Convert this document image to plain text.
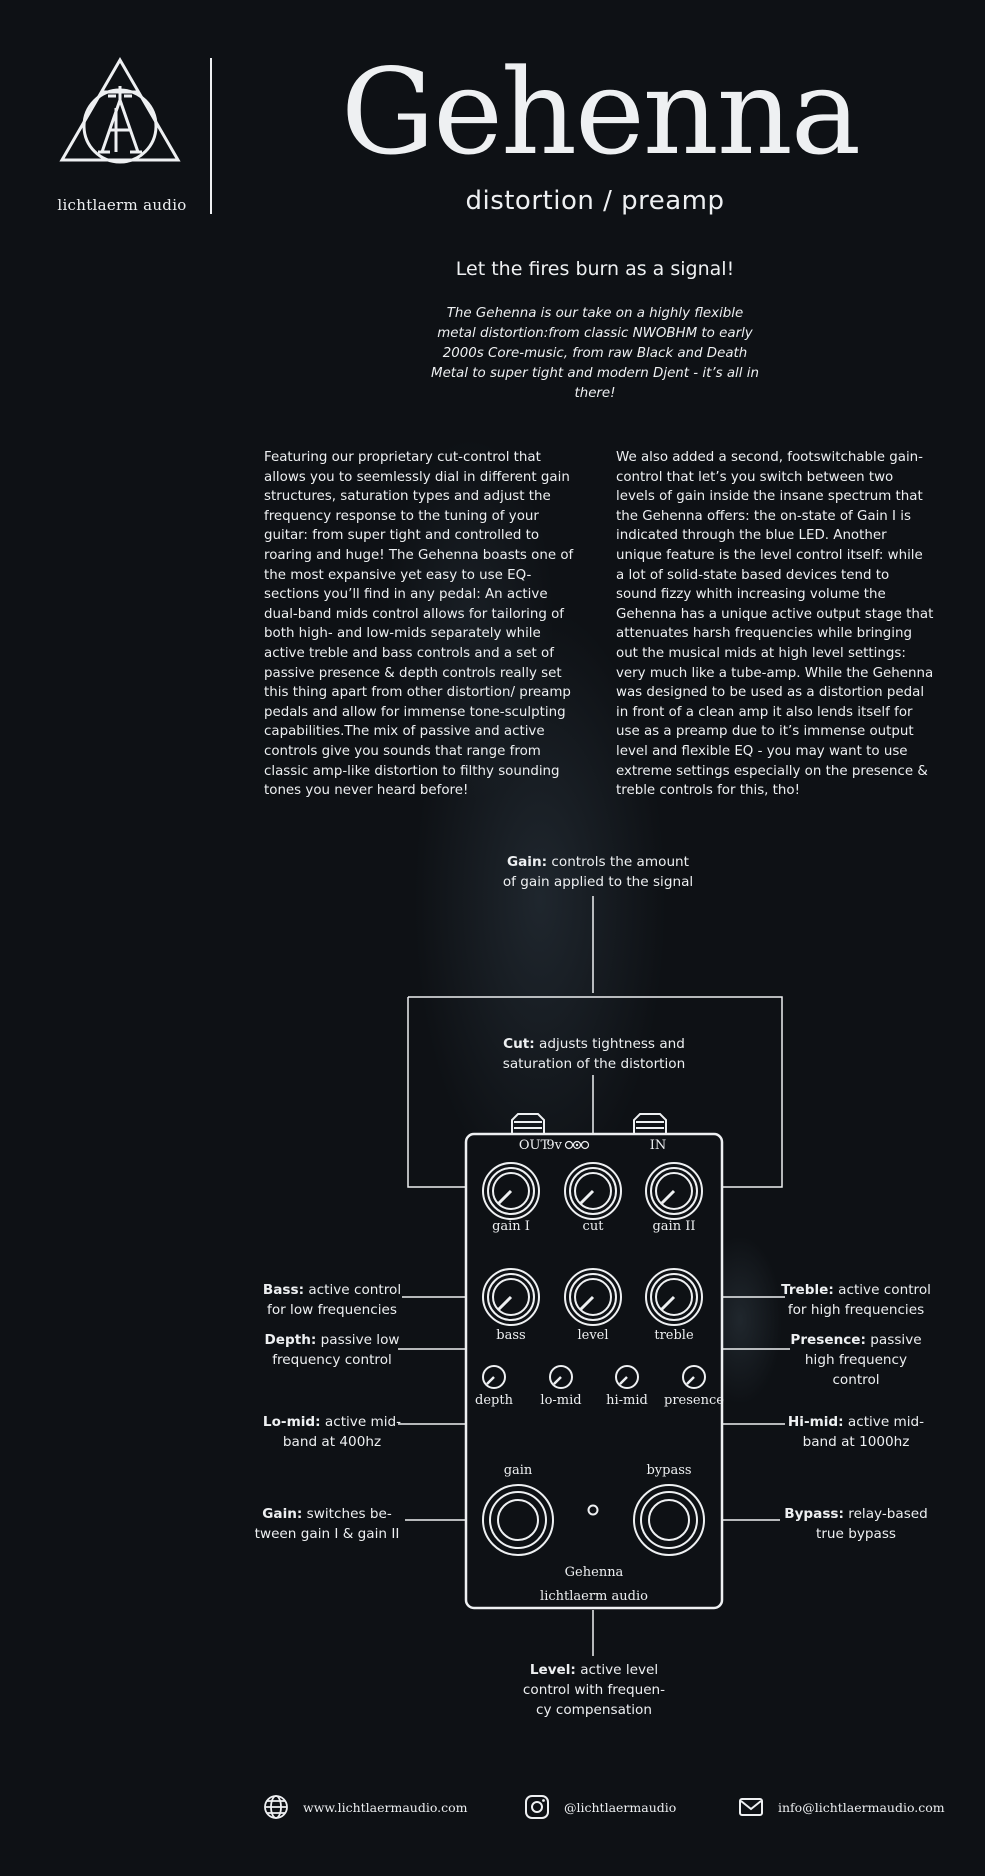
lichtlaerm audio
Gehenna
distortion / preamp
Let the fires burn as a signal!
The Gehenna is our take on a highly flexible metal distortion:from classic NWOBHM to early 2000s Core-music, from raw Black and Death Metal to super tight and modern Djent - it’s all in there!
Featuring our proprietary cut-control that allows you to seemlessly dial in different gain structures, saturation types and adjust the frequency response to the tuning of your guitar: from super tight and controlled to roaring and huge! The Gehenna boasts one of the most expansive yet easy to use EQ-sections you’ll find in any pedal: An active dual-band mids control allows for tailoring of both high- and low-mids separately while active treble and bass controls and a set of passive presence & depth controls really set this thing apart from other distortion/ preamp pedals and allow for immense tone-sculpting capabilities.The mix of passive and active controls give you sounds that range from classic amp-like distortion to filthy sounding tones you never heard before!
We also added a second, footswitchable gain-control that let’s you switch between two levels of gain inside the insane spectrum that the Gehenna offers: the on-state of Gain I is indicated through the blue LED. Another unique feature is the level control itself: while a lot of solid-state based devices tend to sound fizzy whith increasing volume the Gehenna has a unique active output stage that attenuates harsh frequencies while bringing out the musical mids at high level settings: very much like a tube-amp. While the Gehenna was designed to be used as a distortion pedal in front of a clean amp it also lends itself for use as a preamp due to it’s immense output level and flexible EQ - you may want to use extreme settings especially on the presence & treble controls for this, tho!
OUT
9v	IN
gain I	cut	gain II
bass	level	treble
depth lo-mid hi-mid presence
gain	bypass
Gehenna
lichtlaerm audio
Gain: controls the amount
of gain applied to the signal
Cut: adjusts tightness and
saturation of the distortion
Bass: active control
for low frequencies
Depth: passive low
frequency control
Lo-mid: active mid-
band at 400hz
Gain: switches be-
tween gain I & gain II
Treble: active control
for high frequencies
Presence: passive
high frequency
control
Hi-mid: active mid-
band at 1000hz
Bypass: relay-based
true bypass
Level: active level
control with frequen-
cy compensation
www.lichtlaermaudio.com	@lichtlaermaudio	info@lichtlaermaudio.com
